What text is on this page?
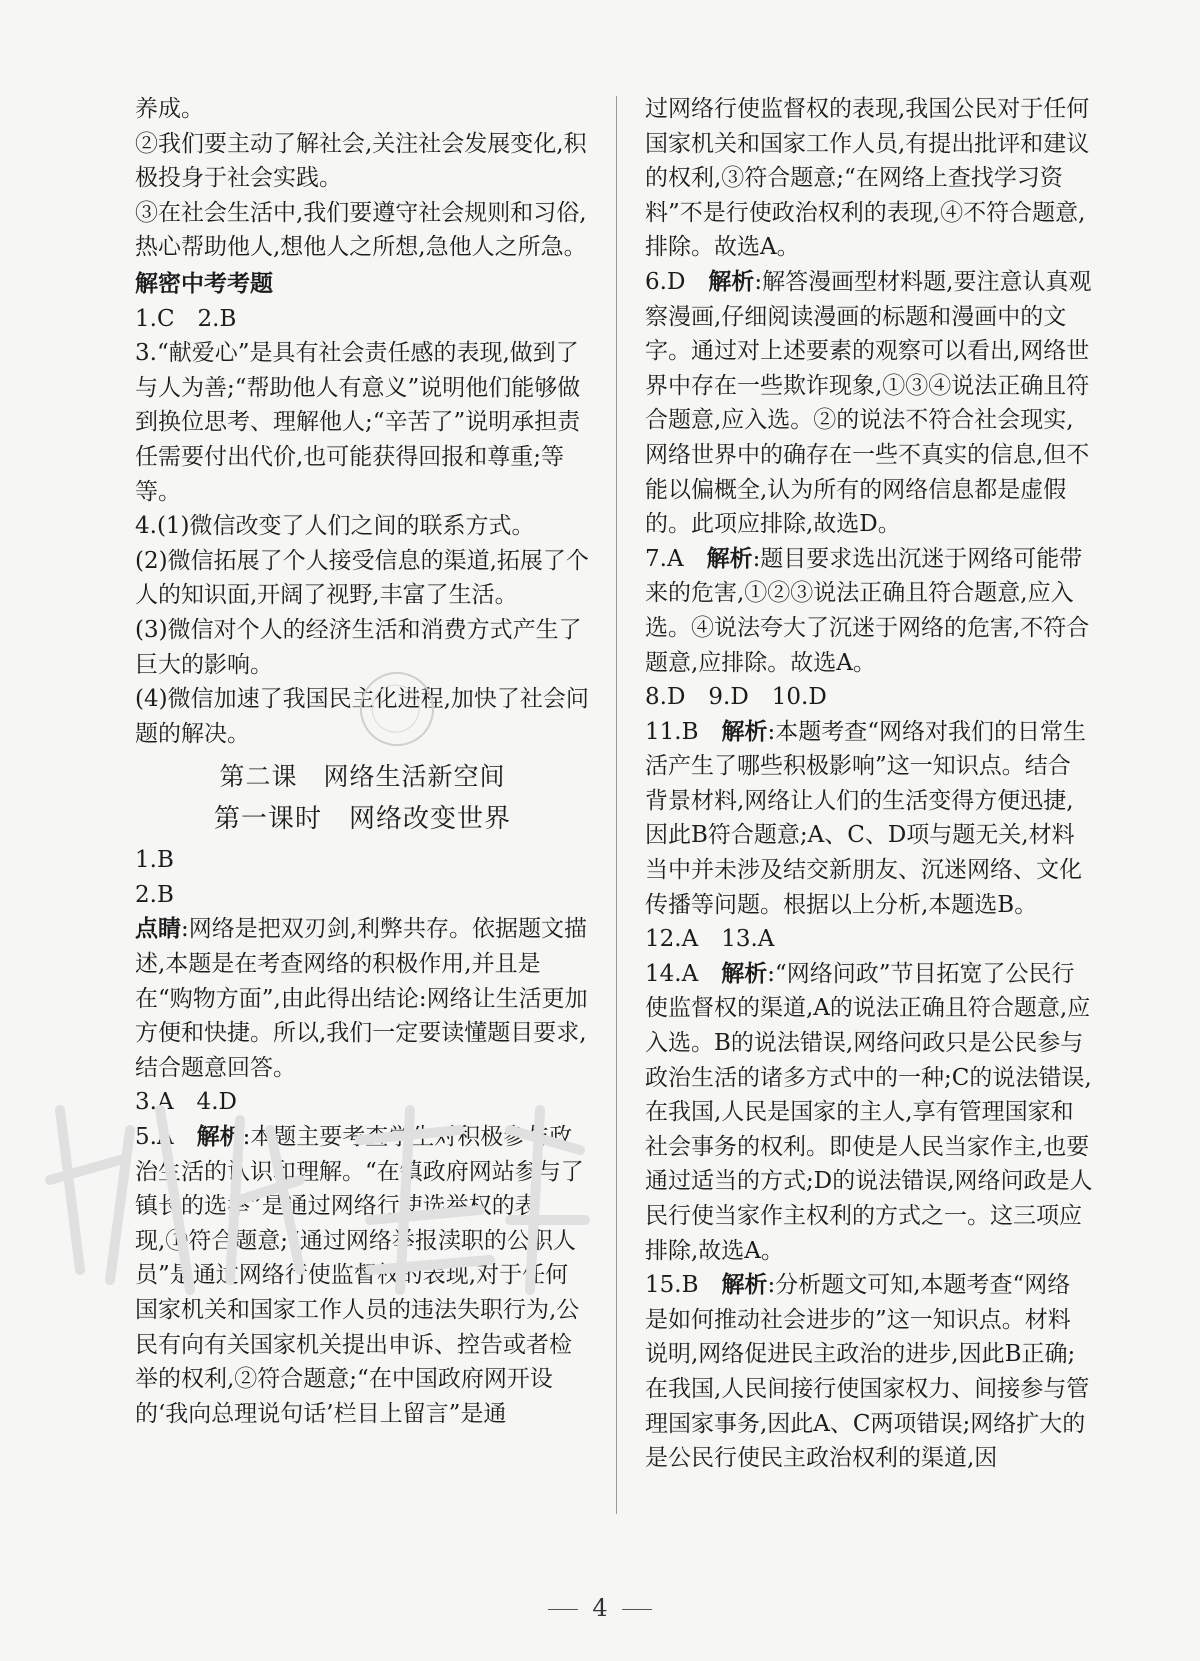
养成。

②我们要主动了解社会,关注社会发展变化,积极投身于社会实践。

③在社会生活中,我们要遵守社会规则和习俗,热心帮助他人,想他人之所想,急他人之所急。

解密中考考题

1.C　2.B

3.“献爱心”是具有社会责任感的表现,做到了与人为善;“帮助他人有意义”说明他们能够做到换位思考、理解他人;“辛苦了”说明承担责任需要付出代价,也可能获得回报和尊重;等等。

4.(1)微信改变了人们之间的联系方式。

(2)微信拓展了个人接受信息的渠道,拓展了个人的知识面,开阔了视野,丰富了生活。

(3)微信对个人的经济生活和消费方式产生了巨大的影响。

(4)微信加速了我国民主化进程,加快了社会问题的解决。

第二课　网络生活新空间

第一课时　网络改变世界

1.B

2.B

点睛:网络是把双刃剑,利弊共存。依据题文描述,本题是在考查网络的积极作用,并且是在“购物方面”,由此得出结论:网络让生活更加方便和快捷。所以,我们一定要读懂题目要求,结合题意回答。

3.A　4.D

5.A　解析:本题主要考查学生对积极参与政治生活的认识和理解。“在镇政府网站参与了镇长的选举”是通过网络行使选举权的表现,①符合题意;“通过网络举报渎职的公职人员”是通过网络行使监督权的表现,对于任何国家机关和国家工作人员的违法失职行为,公民有向有关国家机关提出申诉、控告或者检举的权利,②符合题意;“在中国政府网开设的‘我向总理说句话’栏目上留言”是通

过网络行使监督权的表现,我国公民对于任何国家机关和国家工作人员,有提出批评和建议的权利,③符合题意;“在网络上查找学习资料”不是行使政治权利的表现,④不符合题意,排除。故选A。

6.D　解析:解答漫画型材料题,要注意认真观察漫画,仔细阅读漫画的标题和漫画中的文字。通过对上述要素的观察可以看出,网络世界中存在一些欺诈现象,①③④说法正确且符合题意,应入选。②的说法不符合社会现实,网络世界中的确存在一些不真实的信息,但不能以偏概全,认为所有的网络信息都是虚假的。此项应排除,故选D。

7.A　解析:题目要求选出沉迷于网络可能带来的危害,①②③说法正确且符合题意,应入选。④说法夸大了沉迷于网络的危害,不符合题意,应排除。故选A。

8.D　9.D　10.D

11.B　解析:本题考查“网络对我们的日常生活产生了哪些积极影响”这一知识点。结合背景材料,网络让人们的生活变得方便迅捷,因此B符合题意;A、C、D项与题无关,材料当中并未涉及结交新朋友、沉迷网络、文化传播等问题。根据以上分析,本题选B。

12.A　13.A

14.A　解析:“网络问政”节目拓宽了公民行使监督权的渠道,A的说法正确且符合题意,应入选。B的说法错误,网络问政只是公民参与政治生活的诸多方式中的一种;C的说法错误,在我国,人民是国家的主人,享有管理国家和社会事务的权利。即使是人民当家作主,也要通过适当的方式;D的说法错误,网络问政是人民行使当家作主权利的方式之一。这三项应排除,故选A。

15.B　解析:分析题文可知,本题考查“网络是如何推动社会进步的”这一知识点。材料说明,网络促进民主政治的进步,因此B正确;在我国,人民间接行使国家权力、间接参与管理国家事务,因此A、C两项错误;网络扩大的是公民行使民主政治权利的渠道,因

4
